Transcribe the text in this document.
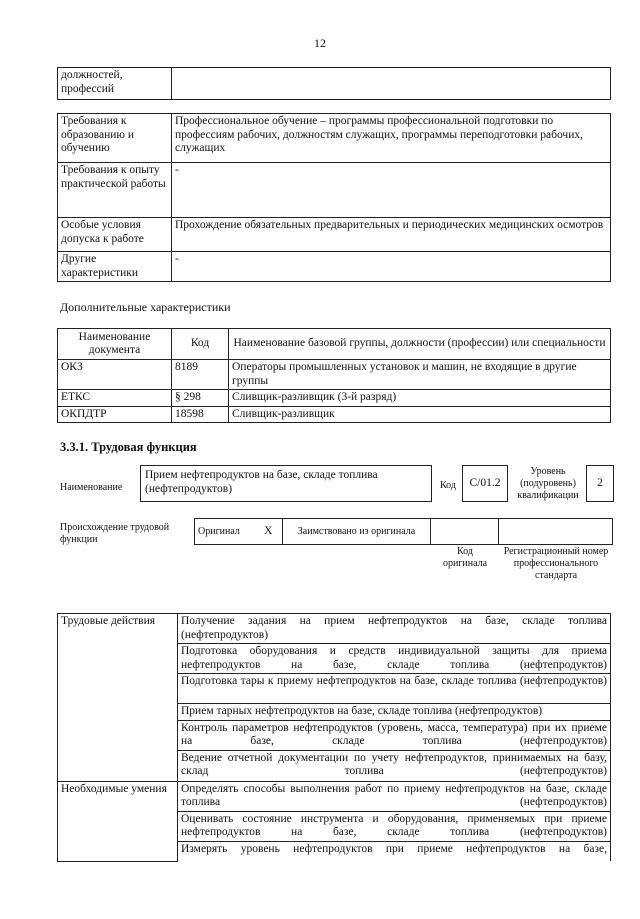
12
должностей, профессий	
Требования к образованию и обучению	Профессиональное обучение – программы профессиональной подготовки по профессиям рабочих, должностям служащих, программы переподготовки рабочих, служащих
Требования к опыту практической работы	-
Особые условия допуска к работе	Прохождение обязательных предварительных и периодических медицинских осмотров
Другие характеристики	-
Дополнительные характеристики
Наименование документа	Код	Наименование базовой группы, должности (профессии) или специальности
ОКЗ	8189	Операторы промышленных установок и машин, не входящие в другие группы
ЕТКС	§ 298	Сливщик-разливщик (3-й разряд)
ОКПДТР	18598	Сливщик-разливщик
3.3.1. Трудовая функция
Наименование
Прием нефтепродуктов на базе, складе топлива (нефтепродуктов)	Код	С/01.2
Уровень (подуровень) квалификации
2
Происхождение трудовой функции
Оригинал	X	Заимствовано из оригинала		
Код оригинала
Регистрационный номер профессионального стандарта
Трудовые действия	Получение задания на прием нефтепродуктов на базе, складе топлива (нефтепродуктов)
	Подготовка оборудования и средств индивидуальной защиты для приема нефтепродуктов на базе, складе топлива (нефтепродуктов)
	Подготовка тары к приему нефтепродуктов на базе, складе топлива (нефтепродуктов)
	Прием тарных нефтепродуктов на базе, складе топлива (нефтепродуктов)
	Контроль параметров нефтепродуктов (уровень, масса, температура) при их приеме на базе, складе топлива (нефтепродуктов)
	Ведение отчетной документации по учету нефтепродуктов, принимаемых на базу, склад топлива (нефтепродуктов)
Необходимые умения	Определять способы выполнения работ по приему нефтепродуктов на базе, складе топлива (нефтепродуктов)
	Оценивать состояние инструмента и оборудования, применяемых при приеме нефтепродуктов на базе, складе топлива (нефтепродуктов)
	Измерять уровень нефтепродуктов при приеме нефтепродуктов на базе,
